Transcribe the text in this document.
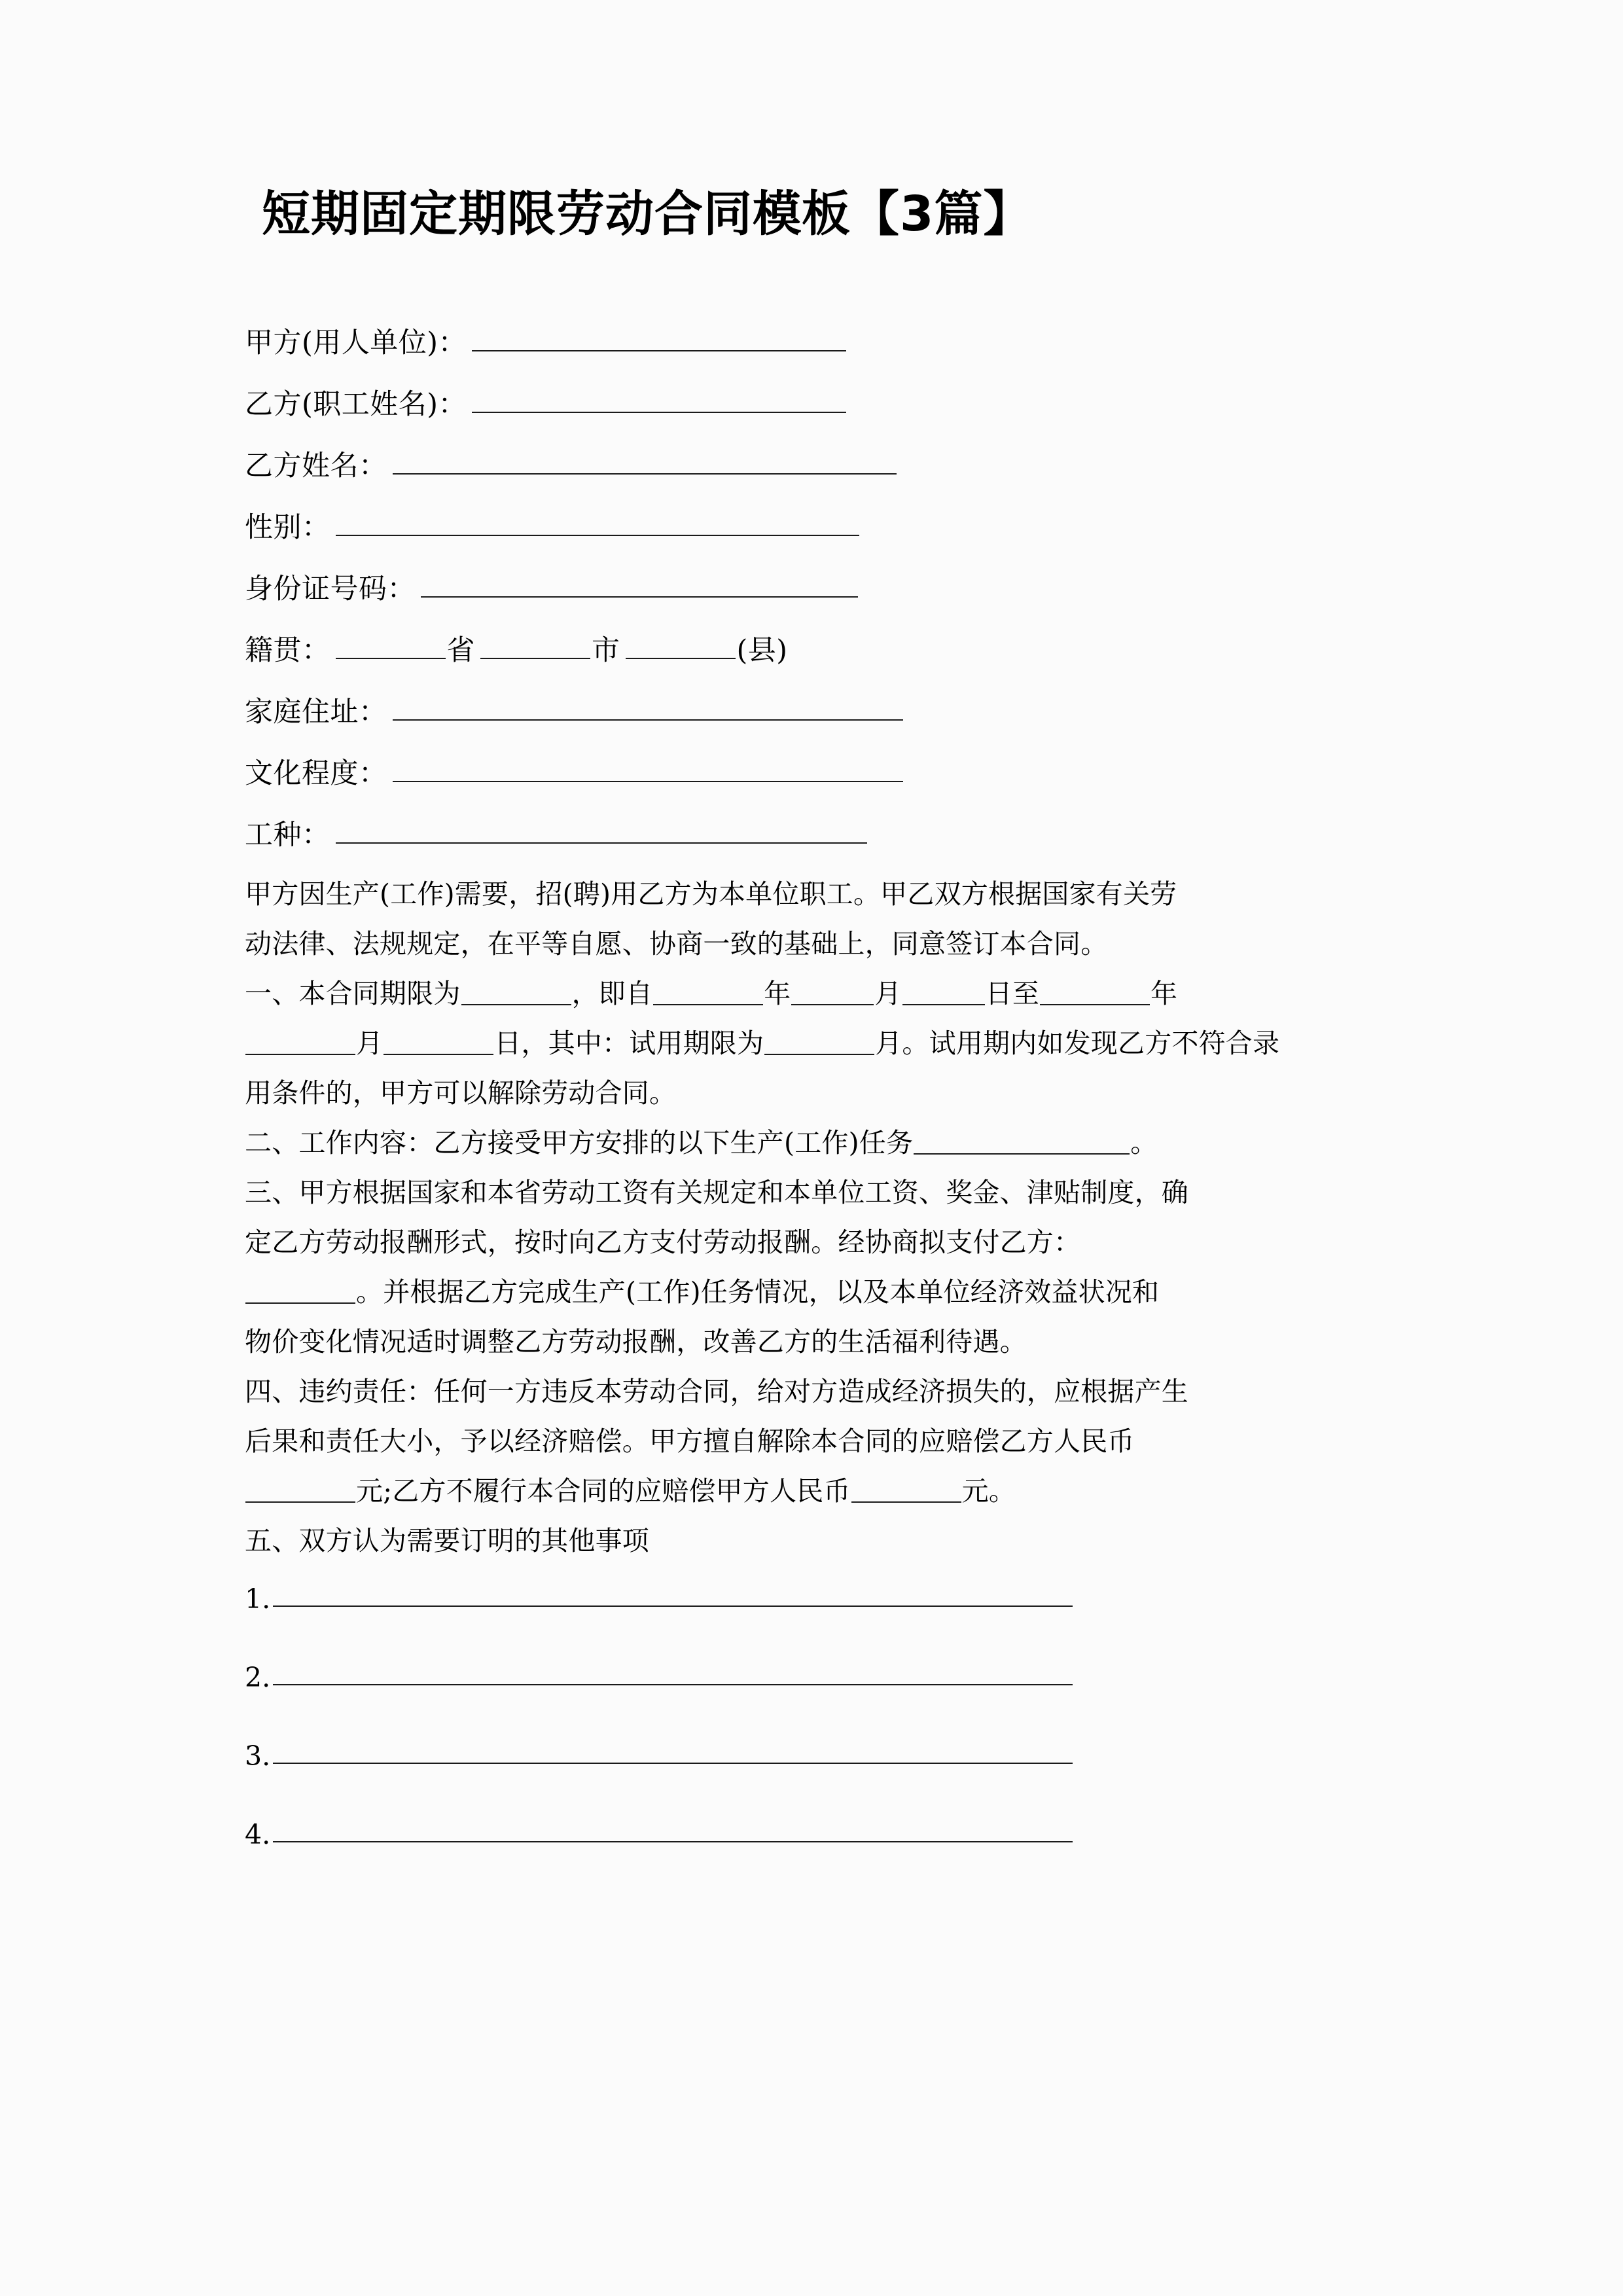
短期固定期限劳动合同模板【3篇】
甲方(用人单位)：
乙方(职工姓名)：
乙方姓名：
性别：
身份证号码：
籍贯：	省	市	(县)
家庭住址：
文化程度：
工种：

甲方因生产(工作)需要，招(聘)用乙方为本单位职工。甲乙双方根据国家有关劳
动法律、法规规定，在平等自愿、协商一致的基础上，同意签订本合同。

一、本合同期限为	，即自	年	月	日至	年
月	日，其中：试用期限为	月。试用期内如发现乙方不符合录
用条件的，甲方可以解除劳动合同。

二、工作内容：乙方接受甲方安排的以下生产(工作)任务	。

三、甲方根据国家和本省劳动工资有关规定和本单位工资、奖金、津贴制度，确
定乙方劳动报酬形式，按时向乙方支付劳动报酬。经协商拟支付乙方：
。并根据乙方完成生产(工作)任务情况，以及本单位经济效益状况和
物价变化情况适时调整乙方劳动报酬，改善乙方的生活福利待遇。

四、违约责任：任何一方违反本劳动合同，给对方造成经济损失的，应根据产生
后果和责任大小，予以经济赔偿。甲方擅自解除本合同的应赔偿乙方人民币
元;乙方不履行本合同的应赔偿甲方人民币	元。

五、双方认为需要订明的其他事项

1.
2.
3.
4.
